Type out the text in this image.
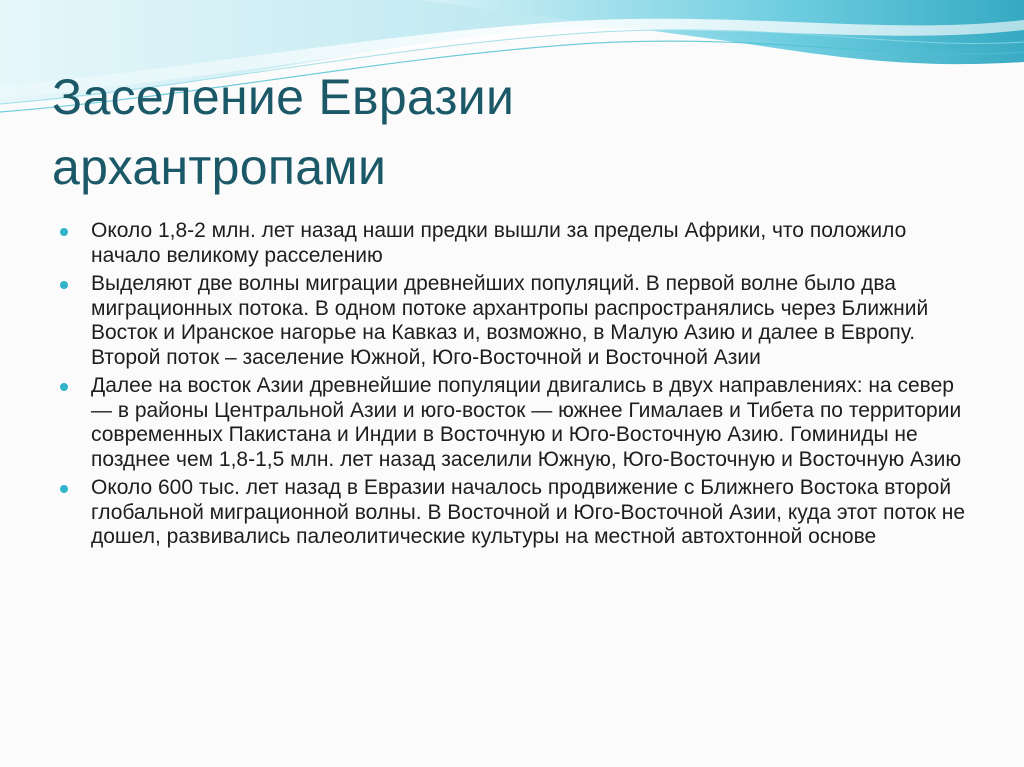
Заселение Евразии
архантропами
Около 1,8-2 млн. лет назад наши предки вышли за пределы Африки, что положило начало великому расселению
Выделяют две волны миграции древнейших популяций. В первой волне было два миграционных потока. В одном потоке архантропы распространялись через Ближний Восток и Иранское нагорье на Кавказ и, возможно, в Малую Азию и далее в Европу. Второй поток – заселение Южной, Юго-Восточной и Восточной Азии
Далее на восток Азии древнейшие популяции двигались в двух направлениях: на север — в районы Центральной Азии и юго-восток — южнее Гималаев и Тибета по территории современных Пакистана и Индии в Восточную и Юго-Восточную Азию. Гоминиды не позднее чем 1,8-1,5 млн. лет назад заселили Южную, Юго-Восточную и Восточную Азию
Около 600 тыс. лет назад в Евразии началось продвижение с Ближнего Востока второй глобальной миграционной волны. В Восточной и Юго-Восточной Азии, куда этот поток не дошел, развивались палеолитические культуры на местной автохтонной основе
